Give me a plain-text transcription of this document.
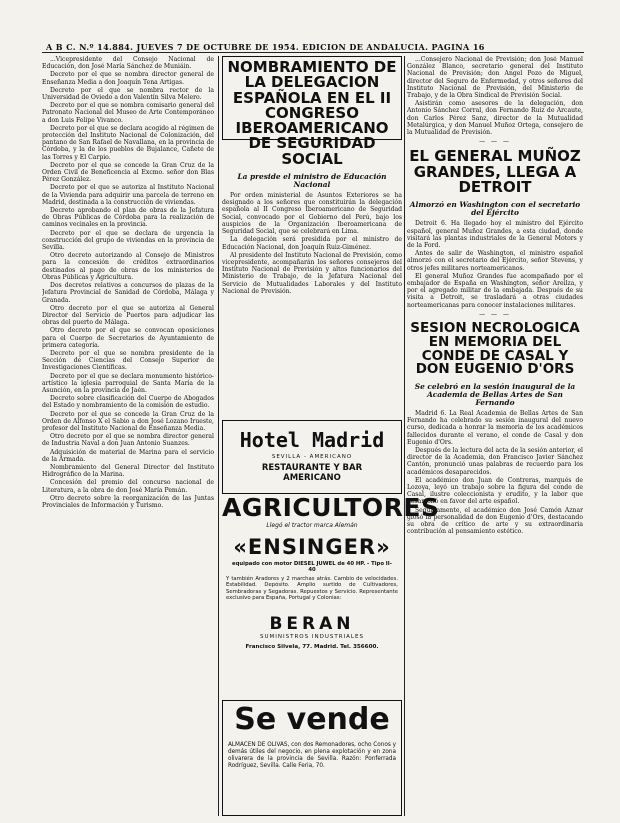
A B C. N.º 14.884. JUEVES 7 DE OCTUBRE DE 1954. EDICION DE ANDALUCIA. PAGINA 16

...Vicepresidente del Consejo Nacional de Educación, don José María Sánchez de Muniáin.

Decreto por el que se nombra director general de Enseñanza Media a don Joaquín Tena Artigas.

Decreto por el que se nombra rector de la Universidad de Oviedo a don Valentín Silva Melero.

Decreto por el que se nombra comisario general del Patronato Nacional del Museo de Arte Contemporáneo a don Luis Felipe Vivanco.

Decreto por el que se declara acogido al régimen de protección del Instituto Nacional de Colonización, del pantano de San Rafael de Navallana, en la provincia de Córdoba, y la de los pueblos de Bujalance, Cañete de las Torres y El Carpio.

Decreto por el que se concede la Gran Cruz de la Orden Civil de Beneficencia al Excmo. señor don Blas Pérez González.

Decreto por el que se autoriza al Instituto Nacional de la Vivienda para adquirir una parcela de terreno en Madrid, destinada a la construcción de viviendas.

Decreto aprobando el plan de obras de la Jefatura de Obras Públicas de Córdoba para la realización de caminos vecinales en la provincia.

Decreto por el que se declara de urgencia la construcción del grupo de viviendas en la provincia de Sevilla.

Otro decreto autorizando al Consejo de Ministros para la concesión de créditos extraordinarios destinados al pago de obras de los ministerios de Obras Públicas y Agricultura.

Dos decretos relativos a concursos de plazas de la Jefatura Provincial de Sanidad de Córdoba, Málaga y Granada.

Otro decreto por el que se autoriza al General Director del Servicio de Puertos para adjudicar las obras del puerto de Málaga.

Otro decreto por el que se convocan oposiciones para el Cuerpo de Secretarios de Ayuntamiento de primera categoría.

Decreto por el que se nombra presidente de la Sección de Ciencias del Consejo Superior de Investigaciones Científicas.

Decreto por el que se declara monumento histórico-artístico la iglesia parroquial de Santa María de la Asunción, en la provincia de Jaén.

Decreto sobre clasificación del Cuerpo de Abogados del Estado y nombramiento de la comisión de estudio.

Decreto por el que se concede la Gran Cruz de la Orden de Alfonso X el Sabio a don José Lozano Irueste, profesor del Instituto Nacional de Enseñanza Media.

Otro decreto por el que se nombra director general de Industria Naval a don Juan Antonio Suanzes.

Adquisición de material de Marina para el servicio de la Armada.

Nombramiento del General Director del Instituto Hidrográfico de la Marina.

Concesión del premio del concurso nacional de Literatura, a la obra de don José María Pemán.

Otro decreto sobre la reorganización de las Juntas Provinciales de Información y Turismo.

NOMBRAMIENTO DE LA DELEGACION ESPAÑOLA EN EL II CONGRESO IBEROAMERICANO DE SEGURIDAD SOCIAL
La preside el ministro de Educación Nacional

Por orden ministerial de Asuntos Exteriores se ha designado a los señores que constituirán la delegación española al II Congreso Iberoamericano de Seguridad Social, convocado por el Gobierno del Perú, bajo los auspicios de la Organización Iberoamericana de Seguridad Social, que se celebrará en Lima.

La delegación será presidida por el ministro de Educación Nacional, don Joaquín Ruiz-Giménez.

Al presidente del Instituto Nacional de Previsión, como vicepresidente, acompañarán los señores consejeros del Instituto Nacional de Previsión y altos funcionarios del Ministerio de Trabajo, de la Jefatura Nacional del Servicio de Mutualidades Laborales y del Instituto Nacional de Previsión.

Hotel Madrid
SEVILLA - AMERICANO
RESTAURANTE Y BAR AMERICANO
AGRICULTORES
Llegó el tractor marca Alemán
«ENSINGER»
equipado con motor DIESEL JUWEL de 40 HP. - Tipo II-40
Y también Aradores y 2 marchas atrás. Cambio de velocidades. Estabilidad. Depósito. Amplio surtido de Cultivadores, Sembradoras y Segadoras. Repuestos y Servicio. Representante exclusivo para España, Portugal y Colonias:
BERAN
SUMINISTROS INDUSTRIALES
Francisco Silvela, 77. Madrid. Tel. 356600.
Se vende
ALMACEN DE OLIVAS, con dos Remonadores, ocho Conos y demás útiles del negocio, en plena explotación y en zona olivarera de la provincia de Sevilla. Razón: Ponferrada Rodríguez, Sevilla. Calle Feria, 70.

...Consejero Nacional de Previsión; don José Manuel González Blanco, secretario general del Instituto Nacional de Previsión; don Angel Pozo de Miguel, director del Seguro de Enfermedad, y otros señores del Instituto Nacional de Previsión, del Ministerio de Trabajo, y de la Obra Sindical de Previsión Social.

Asistirán como asesores de la delegación, don Antonio Sánchez Corral, don Fernando Ruiz de Arcaute, don Carlos Pérez Sanz, director de la Mutualidad Metalúrgica, y don Manuel Muñoz Ortega, consejero de la Mutualidad de Previsión.

— — —
EL GENERAL MUÑOZ GRANDES, LLEGA A DETROIT
Almorzó en Washington con el secretario del Ejército

Detroit 6. Ha llegado hoy el ministro del Ejército español, general Muñoz Grandes, a esta ciudad, donde visitará las plantas industriales de la General Motors y de la Ford.

Antes de salir de Washington, el ministro español almorzó con el secretario del Ejército, señor Stevens, y otros jefes militares norteamericanos.

El general Muñoz Grandes fue acompañado por el embajador de España en Washington, señor Areilza, y por el agregado militar de la embajada. Después de su visita a Detroit, se trasladará a otras ciudades norteamericanas para conocer instalaciones militares.

— — —
SESION NECROLOGICA EN MEMORIA DEL CONDE DE CASAL Y DON EUGENIO D'ORS
Se celebró en la sesión inaugural de la Academia de Bellas Artes de San Fernando

Madrid 6. La Real Academia de Bellas Artes de San Fernando ha celebrado su sesión inaugural del nuevo curso, dedicada a honrar la memoria de los académicos fallecidos durante el verano, el conde de Casal y don Eugenio d'Ors.

Después de la lectura del acta de la sesión anterior, el director de la Academia, don Francisco Javier Sánchez Cantón, pronunció unas palabras de recuerdo para los académicos desaparecidos.

El académico don Juan de Contreras, marqués de Lozoya, leyó un trabajo sobre la figura del conde de Casal, ilustre coleccionista y erudito, y la labor que desarrolló en favor del arte español.

Seguidamente, el académico don José Camón Aznar glosó la personalidad de don Eugenio d'Ors, destacando su obra de crítico de arte y su extraordinaria contribución al pensamiento estético.
